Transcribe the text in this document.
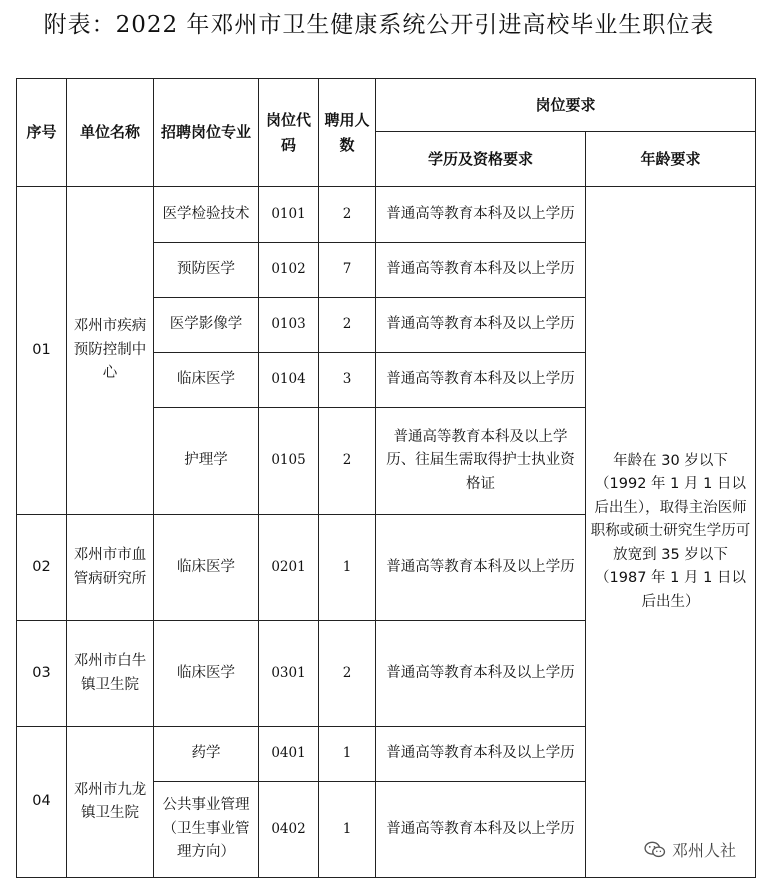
附表：2022 年邓州市卫生健康系统公开引进高校毕业生职位表
序号	单位名称	招聘岗位专业	岗位代码	聘用人数	岗位要求	
					学历及资格要求	年龄要求
01	邓州市疾病预防控制中心	医学检验技术	0101	2	普通高等教育本科及以上学历	年龄在 30 岁以下（1992 年 1 月 1 日以后出生），取得主治医师职称或硕士研究生学历可放宽到 35 岁以下（1987 年 1 月 1 日以后出生）
		预防医学	0102	7	普通高等教育本科及以上学历	
		医学影像学	0103	2	普通高等教育本科及以上学历	
		临床医学	0104	3	普通高等教育本科及以上学历	
		护理学	0105	2	普通高等教育本科及以上学历、往届生需取得护士执业资格证	
02	邓州市市血管病研究所	临床医学	0201	1	普通高等教育本科及以上学历	
03	邓州市白牛镇卫生院	临床医学	0301	2	普通高等教育本科及以上学历	
04	邓州市九龙镇卫生院	药学	0401	1	普通高等教育本科及以上学历	
		公共事业管理（卫生事业管理方向）	0402	1	普通高等教育本科及以上学历	
邓州人社
